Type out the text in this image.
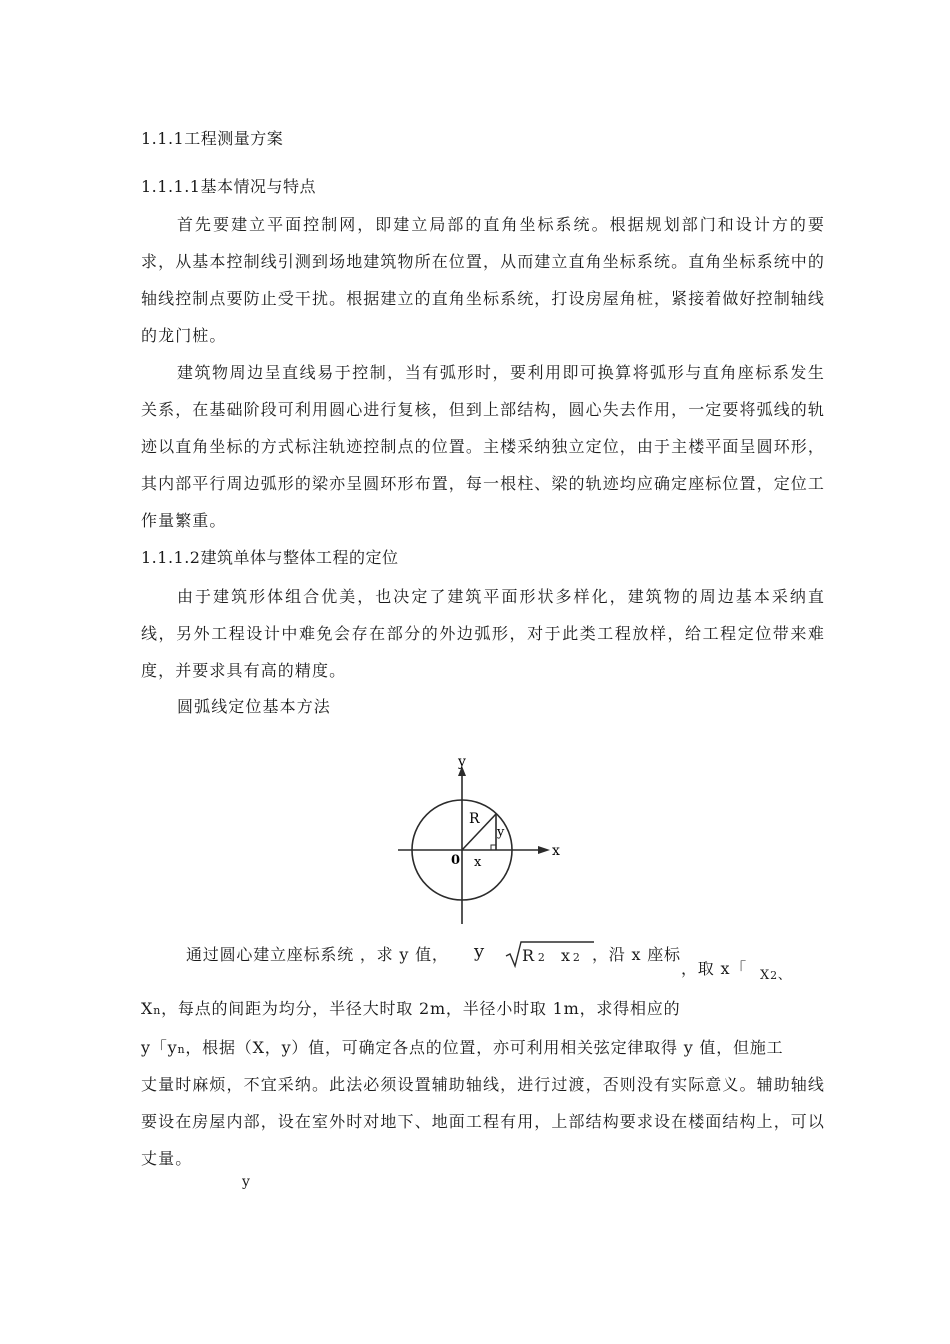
1.1.1工程测量方案
1.1.1.1基本情况与特点

首先要建立平面控制网，即建立局部的直角坐标系统。根据规划部门和设计方的要求，从基本控制线引测到场地建筑物所在位置，从而建立直角坐标系统。直角坐标系统中的轴线控制点要防止受干扰。根据建立的直角坐标系统，打设房屋角桩，紧接着做好控制轴线的龙门桩。

建筑物周边呈直线易于控制，当有弧形时，要利用即可换算将弧形与直角座标系发生关系，在基础阶段可利用圆心进行复核，但到上部结构，圆心失去作用，一定要将弧线的轨迹以直角坐标的方式标注轨迹控制点的位置。主楼采纳独立定位，由于主楼平面呈圆环形，其内部平行周边弧形的梁亦呈圆环形布置，每一根柱、梁的轨迹均应确定座标位置，定位工作量繁重。

1.1.1.2建筑单体与整体工程的定位

由于建筑形体组合优美，也决定了建筑平面形状多样化，建筑物的周边基本采纳直线，另外工程设计中难免会存在部分的外边弧形，对于此类工程放样，给工程定位带来难度，并要求具有高的精度。

圆弧线定位基本方法

y
x
0
R
x
y
通过圆心建立座标系统 ，求 y 值， y R 2 x 2 ，沿 x 座标
，取 x「 X2、
Xn，每点的间距为均分，半径大时取 2m，半径小时取 1m，求得相应的
y「yn，根据（X，y）值，可确定各点的位置，亦可利用相关弦定律取得 y 值，但施工

丈量时麻烦，不宜采纳。此法必须设置辅助轴线，进行过渡，否则没有实际意义。辅助轴线要设在房屋内部，设在室外时对地下、地面工程有用，上部结构要求设在楼面结构上，可以丈量。

y
